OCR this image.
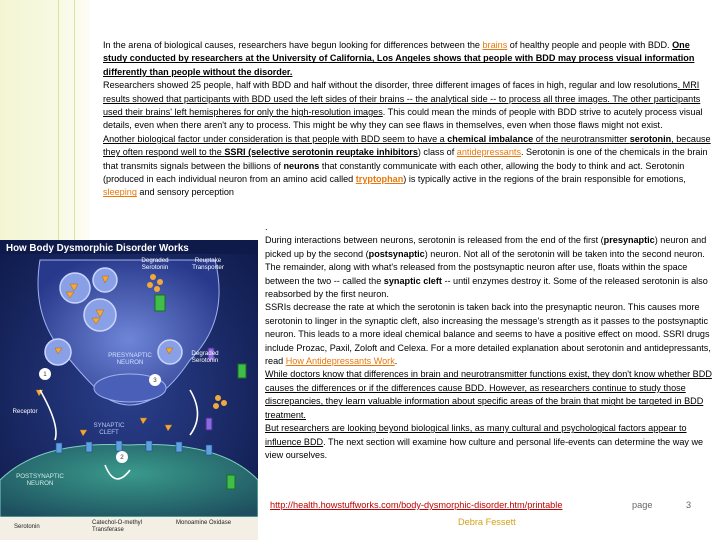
In the arena of biological causes, researchers have begun looking for differences between the brains of healthy people and people with BDD. One study conducted by researchers at the University of California, Los Angeles shows that people with BDD may process visual information differently than people without the disorder.
Researchers showed 25 people, half with BDD and half without the disorder, three different images of faces in high, regular and low resolutions. MRI results showed that participants with BDD used the left sides of their brains -- the analytical side -- to process all three images. The other participants used their brains' left hemispheres for only the high-resolution images. This could mean the minds of people with BDD strive to acutely process visual details, even when there aren't any to process. This might be why they can see flaws in themselves, even when those flaws might not exist.
Another biological factor under consideration is that people with BDD seem to have a chemical imbalance of the neurotransmitter serotonin, because they often respond well to the SSRI (selective serotonin reuptake inhibitors) class of antidepressants. Serotonin is one of the chemicals in the brain that transmits signals between the billions of neurons that constantly communicate with each other, allowing the body to think and act. Serotonin (produced in each individual neuron from an amino acid called tryptophan) is typically active in the regions of the brain responsible for emotions, sleeping and sensory perception
.
During interactions between neurons, serotonin is released from the end of the first (presynaptic) neuron and picked up by the second (postsynaptic) neuron. Not all of the serotonin will be taken into the second neuron. The remainder, along with what's released from the postsynaptic neuron after use, floats within the space between the two -- called the synaptic cleft -- until enzymes destroy it. Some of the released serotonin is also reabsorbed by the first neuron.
SSRIs decrease the rate at which the serotonin is taken back into the presynaptic neuron. This causes more serotonin to linger in the synaptic cleft, also increasing the message's strength as it passes to the postsynaptic neuron. This leads to a more ideal chemical balance and seems to have a positive effect on mood. SSRI drugs include Prozac, Paxil, Zoloft and Celexa. For a more detailed explanation about serotonin and antidepressants, read How Antidepressants Work.
While doctors know that differences in brain and neurotransmitter functions exist, they don't know whether BDD causes the differences or if the differences cause BDD. However, as researchers continue to study those discrepancies, they learn valuable information about specific areas of the brain that might be targeted in BDD treatment.
But researchers are looking beyond biological links, as many cultural and psychological factors appear to influence BDD. The next section will examine how culture and personal life-events can determine the way we view ourselves.
How Body Dysmorphic Disorder Works
Degraded Serotonin
Reuptake Transporter
PRESYNAPTIC NEURON
Degraded Serotonin
Receptor
SYNAPTIC CLEFT
POSTSYNAPTIC NEURON
1
2
3
Serotonin
Catechol-O-methyl Transferase
Monoamine Oxidase
http://health.howstuffworks.com/body-dysmorphic-disorder.htm/printable	page	3
Debra Fessett
